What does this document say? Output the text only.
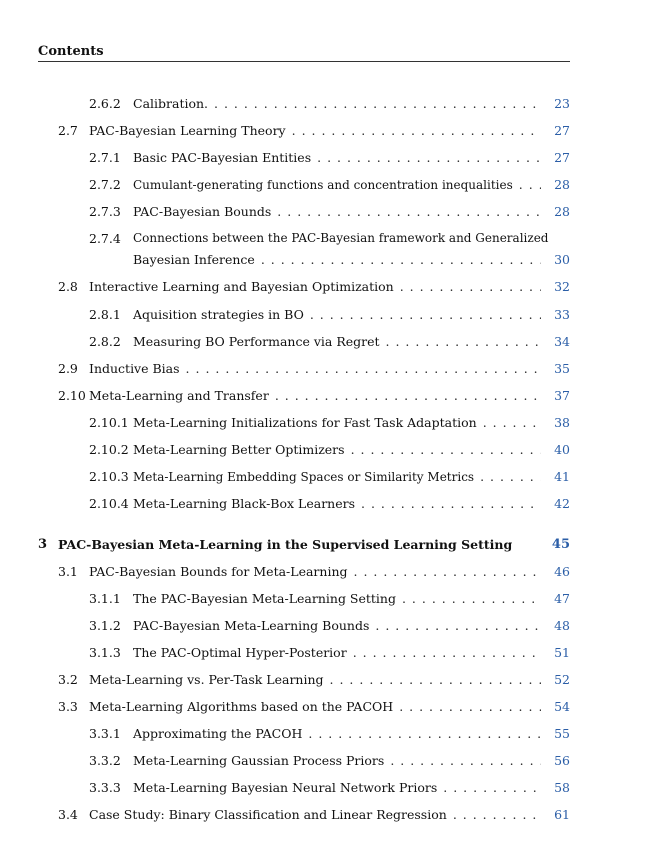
Contents
2.6.2 Calibration. . . .	23
2.7 PAC-Bayesian Learning Theory . . .	27
2.7.1 Basic PAC-Bayesian Entities . . .	27
2.7.2 Cumulant-generating functions and concentration inequalities . . .	28
2.7.3 PAC-Bayesian Bounds . . .	28
2.7.4 Connections between the PAC-Bayesian framework and Generalized
Bayesian Inference . . .	30
2.8 Interactive Learning and Bayesian Optimization . . .	32
2.8.1 Aquisition strategies in BO . . .	33
2.8.2 Measuring BO Performance via Regret . . .	34
2.9 Inductive Bias . . .	35
2.10 Meta-Learning and Transfer . . .	37
2.10.1 Meta-Learning Initializations for Fast Task Adaptation . . .	38
2.10.2 Meta-Learning Better Optimizers . . .	40
2.10.3 Meta-Learning Embedding Spaces or Similarity Metrics . . .	41
2.10.4 Meta-Learning Black-Box Learners . . .	42
3 PAC-Bayesian Meta-Learning in the Supervised Learning Setting	45
3.1 PAC-Bayesian Bounds for Meta-Learning . . .	46
3.1.1 The PAC-Bayesian Meta-Learning Setting . . .	47
3.1.2 PAC-Bayesian Meta-Learning Bounds . . .	48
3.1.3 The PAC-Optimal Hyper-Posterior . . .	51
3.2 Meta-Learning vs. Per-Task Learning . . .	52
3.3 Meta-Learning Algorithms based on the PACOH . . .	54
3.3.1 Approximating the PACOH . . .	55
3.3.2 Meta-Learning Gaussian Process Priors . . .	56
3.3.3 Meta-Learning Bayesian Neural Network Priors . . .	58
3.4 Case Study: Binary Classification and Linear Regression . . .	61
